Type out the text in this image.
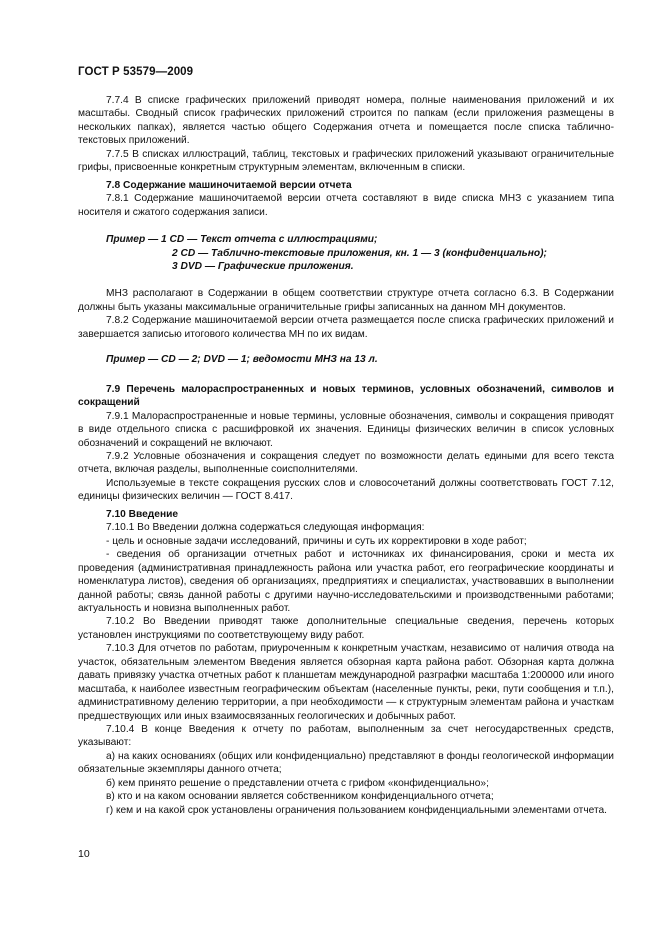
ГОСТ Р 53579—2009

7.7.4 В списке графических приложений приводят номера, полные наименования приложений и их масштабы. Сводный список графических приложений строится по папкам (если приложения размещены в нескольких папках), является частью общего Содержания отчета и помещается после списка таблично-текстовых приложений.

7.7.5 В списках иллюстраций, таблиц, текстовых и графических приложений указывают ограничительные грифы, присвоенные конкретным структурным элементам, включенным в списки.

7.8 Содержание машиночитаемой версии отчета

7.8.1 Содержание машиночитаемой версии отчета составляют в виде списка МНЗ с указанием типа носителя и сжатого содержания записи.

Пример — 1 CD — Текст отчета с иллюстрациями;

2 CD — Таблично-текстовые приложения, кн. 1 — 3 (конфиденциально);

3 DVD — Графические приложения.

МНЗ располагают в Содержании в общем соответствии структуре отчета согласно 6.3. В Содержании должны быть указаны максимальные ограничительные грифы записанных на данном МН документов.

7.8.2 Содержание машиночитаемой версии отчета размещается после списка графических приложений и завершается записью итогового количества МН по их видам.

Пример — CD — 2; DVD — 1; ведомости МНЗ на 13 л.

7.9 Перечень малораспространенных и новых терминов, условных обозначений, символов и сокращений

7.9.1 Малораспространенные и новые термины, условные обозначения, символы и сокращения приводят в виде отдельного списка с расшифровкой их значения. Единицы физических величин в список условных обозначений и сокращений не включают.

7.9.2 Условные обозначения и сокращения следует по возможности делать едиными для всего текста отчета, включая разделы, выполненные соисполнителями.

Используемые в тексте сокращения русских слов и словосочетаний должны соответствовать ГОСТ 7.12, единицы физических величин — ГОСТ 8.417.

7.10 Введение

7.10.1 Во Введении должна содержаться следующая информация:

- цель и основные задачи исследований, причины и суть их корректировки в ходе работ;

- сведения об организации отчетных работ и источниках их финансирования, сроки и места их проведения (административная принадлежность района или участка работ, его географические координаты и номенклатура листов), сведения об организациях, предприятиях и специалистах, участвовавших в выполнении данной работы; связь данной работы с другими научно-исследовательскими и производственными работами; актуальность и новизна выполненных работ.

7.10.2 Во Введении приводят также дополнительные специальные сведения, перечень которых установлен инструкциями по соответствующему виду работ.

7.10.3 Для отчетов по работам, приуроченным к конкретным участкам, независимо от наличия отвода на участок, обязательным элементом Введения является обзорная карта района работ. Обзорная карта должна давать привязку участка отчетных работ к планшетам международной разграфки масштаба 1:200000 или иного масштаба, к наиболее известным географическим объектам (населенные пункты, реки, пути сообщения и т.п.), административному делению территории, а при необходимости — к структурным элементам района и участкам предшествующих или иных взаимосвязанных геологических и добычных работ.

7.10.4 В конце Введения к отчету по работам, выполненным за счет негосударственных средств, указывают:

а) на каких основаниях (общих или конфиденциально) представляют в фонды геологической информации обязательные экземпляры данного отчета;

б) кем принято решение о представлении отчета с грифом «конфиденциально»;

в) кто и на каком основании является собственником конфиденциального отчета;

г) кем и на какой срок установлены ограничения пользованием конфиденциальными элементами отчета.

10
